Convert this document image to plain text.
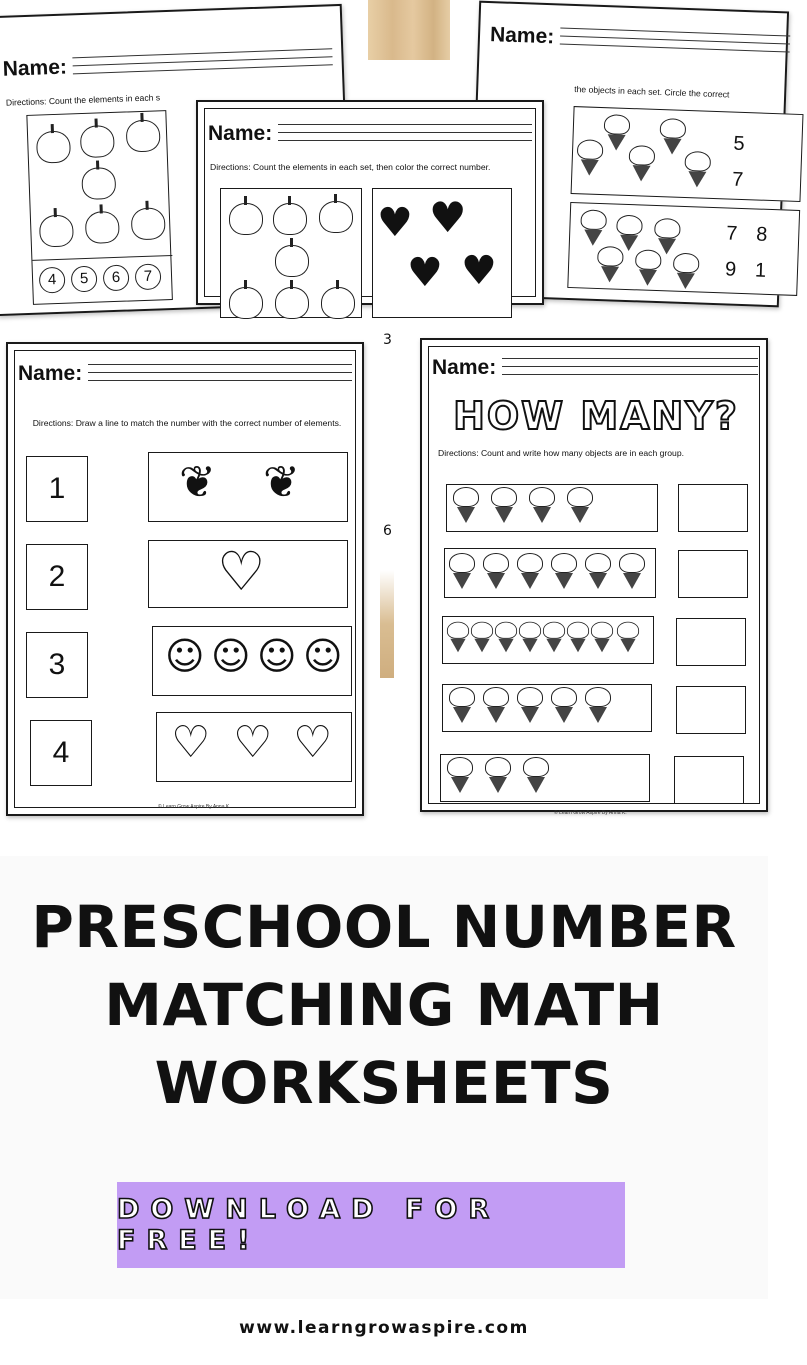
Name:
Directions: Count the elements in each s
4	5	6	7
Name:
the objects in each set. Circle the correct
5
7
7 8
9 1
Name:
Directions: Count the elements in each set, then color the correct number.
♥ ♥
♥ ♥
3
6
Name:
Directions: Draw a line to match the number with the correct number of elements.
1	❦ ❦
2	♡
3	☺ ☺ ☺ ☺
4	♡ ♡ ♡
© Learn Grow Aspire By Anna K.
Name:
HOW MANY?
Directions: Count and write how many objects are in each group.
© Learn Grow Aspire By Anna K.
PRESCHOOL NUMBER
MATCHING MATH
WORKSHEETS
DOWNLOAD FOR FREE!
www.learngrowaspire.com
